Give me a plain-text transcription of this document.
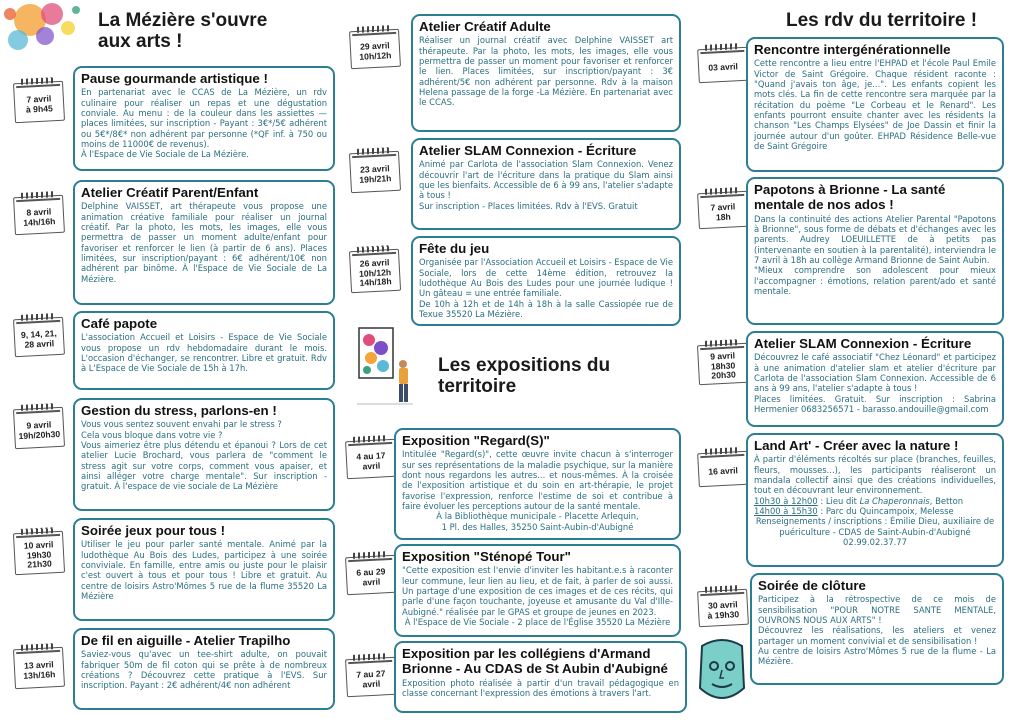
La Mézière s'ouvre
aux arts !
Les rdv du territoire !
Les expositions du
territoire
7 avril
à 9h45
Pause gourmande artistique !
En partenariat avec le CCAS de La Mézière, un rdv culinaire pour réaliser un repas et une dégustation conviale. Au menu : de la couleur dans les assiettes — places limitées, sur inscription - Payant : 3€*/5€ adhérent ou 5€*/8€* non adhérent par personne (*QF inf. à 750 ou moins de 11000€ de revenus).
À l'Espace de Vie Sociale de La Mézière.
8 avril
14h/16h
Atelier Créatif Parent/Enfant
Delphine VAISSET, art thérapeute vous propose une animation créative familiale pour réaliser un journal créatif. Par la photo, les mots, les images, elle vous permettra de passer un moment adulte/enfant pour favoriser et renforcer le lien (à partir de 6 ans). Places limitées, sur inscription/payant : 6€ adhérent/10€ non adhérent par binôme. À l'Espace de Vie Sociale de La Mézière.
9, 14, 21,
28 avril
Café papote
L'association Accueil et Loisirs - Espace de Vie Sociale vous propose un rdv hebdomadaire durant le mois. L'occasion d'échanger, se rencontrer. Libre et gratuit. Rdv à L'Espace de Vie Sociale de 15h à 17h.
9 avril
19h/20h30
Gestion du stress, parlons-en !
Vous vous sentez souvent envahi par le stress ?
Cela vous bloque dans votre vie ?
Vous aimeriez être plus détendu et épanoui ? Lors de cet atelier Lucie Brochard, vous parlera de "comment le stress agit sur votre corps, comment vous apaiser, et ainsi alléger votre charge mentale". Sur inscription - gratuit. À l'espace de vie sociale de La Mézière
10 avril
19h30
21h30
Soirée jeux pour tous !
Utiliser le jeu pour parler santé mentale. Animé par la ludothèque Au Bois des Ludes, participez à une soirée conviviale. En famille, entre amis ou juste pour le plaisir c'est ouvert à tous et pour tous ! Libre et gratuit. Au centre de loisirs Astro'Mômes 5 rue de la flume 35520 La Mézière
13 avril
13h/16h
De fil en aiguille - Atelier Trapilho
Saviez-vous qu'avec un tee-shirt adulte, on pouvait fabriquer 50m de fil coton qui se prête à de nombreux créations ? Découvrez cette pratique à l'EVS. Sur inscription. Payant : 2€ adhérent/4€ non adhérent
29 avril
10h/12h
Atelier Créatif Adulte
Réaliser un journal créatif avec Delphine VAISSET art thérapeute. Par la photo, les mots, les images, elle vous permettra de passer un moment pour favoriser et renforcer le lien. Places limitées, sur inscription/payant : 3€ adhérent/5€ non adhérent par personne. Rdv à la maison Helena passage de la forge -La Mézière. En partenariat avec le CCAS.
23 avril
19h/21h
Atelier SLAM Connexion - Écriture
Animé par Carlota de l'association Slam Connexion. Venez découvrir l'art de l'écriture dans la pratique du Slam ainsi que les bienfaits. Accessible de 6 à 99 ans, l'atelier s'adapte à tous !
Sur inscription - Places limitées. Rdv à l'EVS. Gratuit
26 avril
10h/12h
14h/18h
Fête du jeu
Organisée par l'Association Accueil et Loisirs - Espace de Vie Sociale, lors de cette 14ème édition, retrouvez la ludothèque Au Bois des Ludes pour une journée ludique ! Un gâteau = une entrée familiale.
De 10h à 12h et de 14h à 18h à la salle Cassiopée rue de Texue 35520 La Mézière.
4 au 17
avril
Exposition "Regard(S)"
Intitulée "Regard(s)", cette œuvre invite chacun à s'interroger sur ses représentations de la maladie psychique, sur la manière dont nous regardons les autres... et nous-mêmes. À la croisée de l'exposition artistique et du soin en art-thérapie, le projet favorise l'expression, renforce l'estime de soi et contribue à faire évoluer les perceptions autour de la santé mentale.
À la Bibliothèque municipale - Placette Arlequin,
1 Pl. des Halles, 35250 Saint-Aubin-d'Aubigné
6 au 29
avril
Exposition "Sténopé Tour"
"Cette exposition est l'envie d'inviter les habitant.e.s à raconter leur commune, leur lien au lieu, et de fait, à parler de soi aussi. Un partage d'une exposition de ces images et de ces récits, qui parle d'une façon touchante, joyeuse et amusante du Val d'Ille-Aubigné." réalisée par le GPAS et groupe de jeunes en 2023.
À l'Espace de Vie Sociale - 2 place de l'Église 35520 La Mézière
7 au 27
avril
Exposition par les collégiens d'Armand Brionne - Au CDAS de St Aubin d'Aubigné
Exposition photo réalisée à partir d'un travail pédagogique en classe concernant l'expression des émotions à travers l'art.
03 avril
Rencontre intergénérationnelle
Cette rencontre a lieu entre l'EHPAD et l'école Paul Emile Victor de Saint Grégoire. Chaque résident raconte : "Quand j'avais ton âge, je...". Les enfants copient les mots clés. La fin de cette rencontre sera marquée par la récitation du poème "Le Corbeau et le Renard". Les enfants pourront ensuite chanter avec les résidents la chanson "Les Champs Elysées" de Joe Dassin et finir la journée autour d'un goûter. EHPAD Résidence Belle-vue de Saint Grégoire
7 avril
18h
Papotons à Brionne - La santé mentale de nos ados !
Dans la continuité des actions Atelier Parental "Papotons à Brionne", sous forme de débats et d'échanges avec les parents. Audrey LOEUILLETTE de à petits pas (intervenante en soutien à la parentalité), interviendra le 7 avril à 18h au collège Armand Brionne de Saint Aubin.
"Mieux comprendre son adolescent pour mieux l'accompagner : émotions, relation parent/ado et santé mentale.
9 avril
18h30
20h30
Atelier SLAM Connexion - Écriture
Découvrez le café associatif "Chez Léonard" et participez à une animation d'atelier slam et atelier d'écriture par Carlota de l'association Slam Connexion. Accessible de 6 ans à 99 ans, l'atelier s'adapte à tous !
Places limitées. Gratuit. Sur inscription : Sabrina Hermenier 0683256571 - barasso.andouille@gmail.com
16 avril
Land Art' - Créer avec la nature !
À partir d'éléments récoltés sur place (branches, feuilles, fleurs, mousses...), les participants réaliseront un mandala collectif ainsi que des créations individuelles, tout en découvrant leur environnement.
10h30 à 12h00 : Lieu dit La Chaperonnais, Betton
14h00 à 15h30 : Parc du Quincampoix, Melesse
Renseignements / inscriptions : Émilie Dieu, auxiliaire de puériculture - CDAS de Saint-Aubin-d'Aubigné
02.99.02.37.77
30 avril
à 19h30
Soirée de clôture
Participez à la rétrospective de ce mois de sensibilisation "POUR NOTRE SANTE MENTALE, OUVRONS NOUS AUX ARTS" !
Découvrez les réalisations, les ateliers et venez partager un moment convivial et de sensibilisation !
Au centre de loisirs Astro'Mômes 5 rue de la flume - La Mézière.
